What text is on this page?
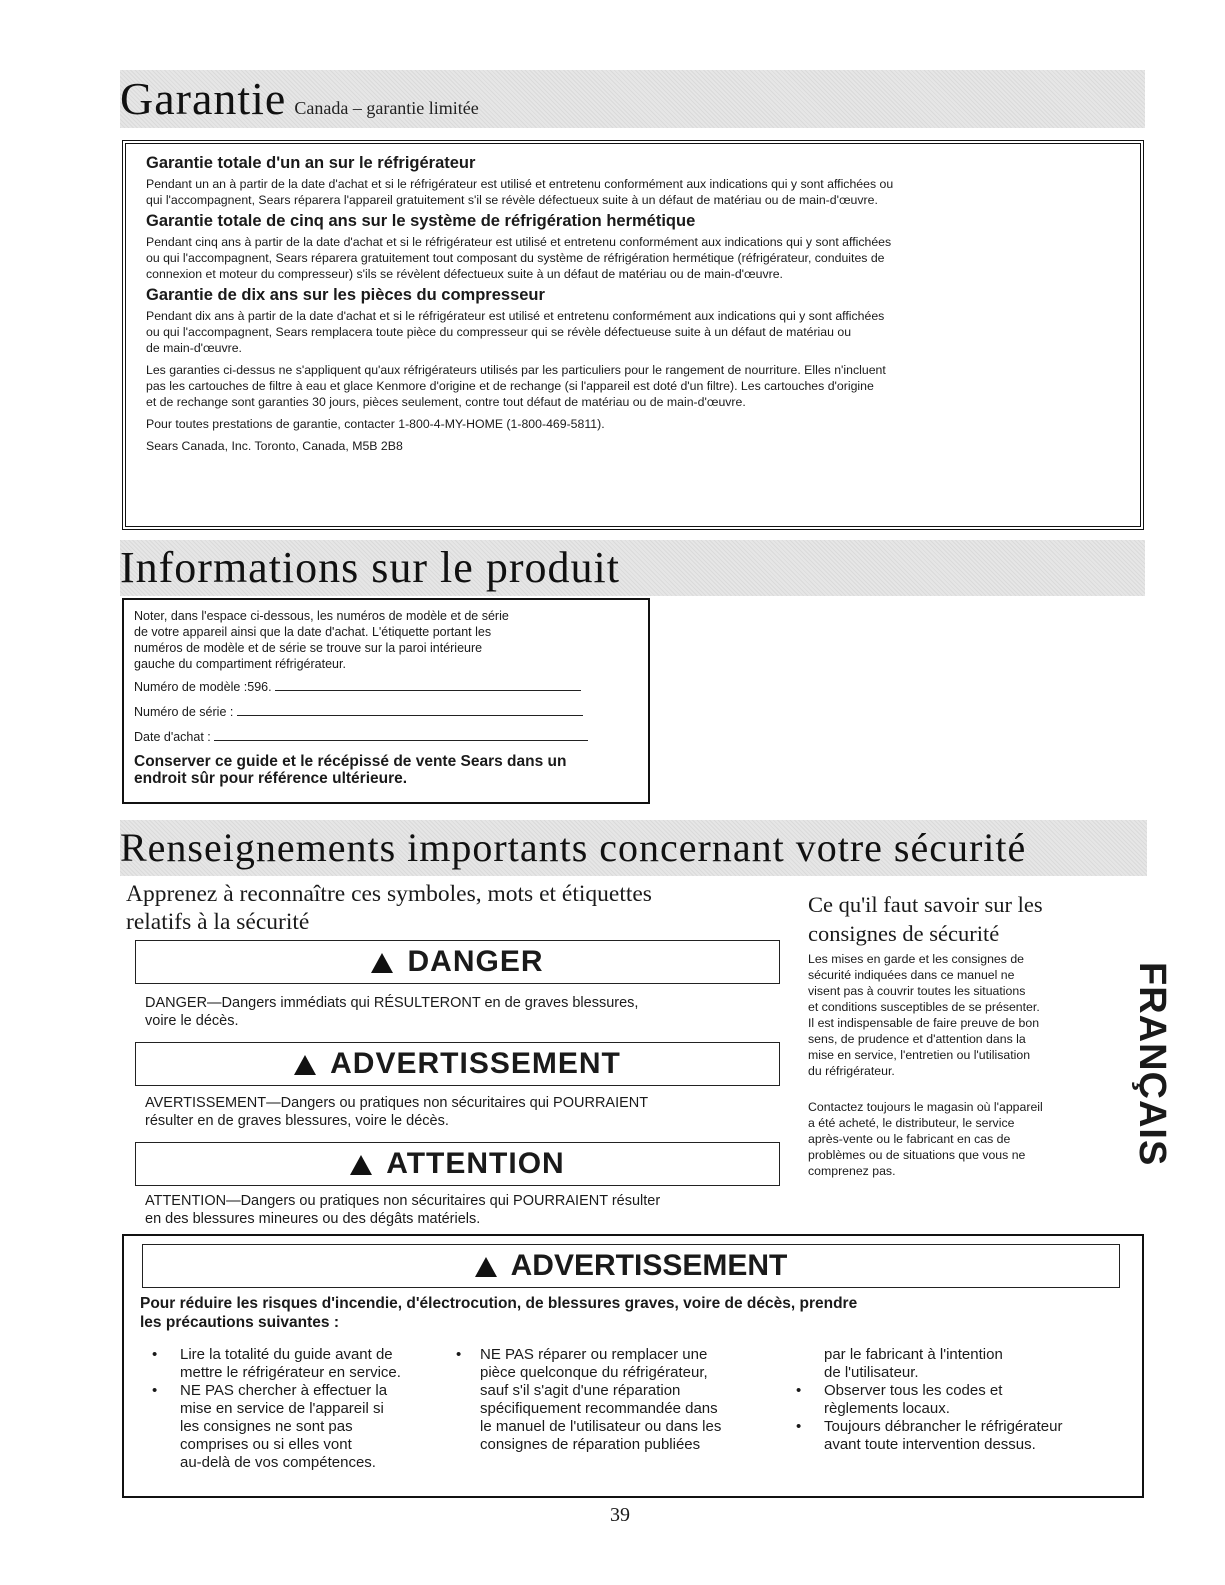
Garantie Canada – garantie limitée
Garantie totale d'un an sur le réfrigérateur
Pendant un an à partir de la date d'achat et si le réfrigérateur est utilisé et entretenu conformément aux indications qui y sont affichées ou
qui l'accompagnent, Sears réparera l'appareil gratuitement s'il se révèle défectueux suite à un défaut de matériau ou de main-d'œuvre.
Garantie totale de cinq ans sur le système de réfrigération hermétique
Pendant cinq ans à partir de la date d'achat et si le réfrigérateur est utilisé et entretenu conformément aux indications qui y sont affichées
ou qui l'accompagnent, Sears réparera gratuitement tout composant du système de réfrigération hermétique (réfrigérateur, conduites de
connexion et moteur du compresseur) s'ils se révèlent défectueux suite à un défaut de matériau ou de main-d'œuvre.
Garantie de dix ans sur les pièces du compresseur
Pendant dix ans à partir de la date d'achat et si le réfrigérateur est utilisé et entretenu conformément aux indications qui y sont affichées
ou qui l'accompagnent, Sears remplacera toute pièce du compresseur qui se révèle défectueuse suite à un défaut de matériau ou
de main-d'œuvre.
Les garanties ci-dessus ne s'appliquent qu'aux réfrigérateurs utilisés par les particuliers pour le rangement de nourriture. Elles n'incluent
pas les cartouches de filtre à eau et glace Kenmore d'origine et de rechange (si l'appareil est doté d'un filtre). Les cartouches d'origine
et de rechange sont garanties 30 jours, pièces seulement, contre tout défaut de matériau ou de main-d'œuvre.
Pour toutes prestations de garantie, contacter 1-800-4-MY-HOME (1-800-469-5811).
Sears Canada, Inc. Toronto, Canada, M5B 2B8
Informations sur le produit
Noter, dans l'espace ci-dessous, les numéros de modèle et de série
de votre appareil ainsi que la date d'achat. L'étiquette portant les
numéros de modèle et de série se trouve sur la paroi intérieure
gauche du compartiment réfrigérateur.
Numéro de modèle :596.
Numéro de série :
Date d'achat :
Conserver ce guide et le récépissé de vente Sears dans un
endroit sûr pour référence ultérieure.
Renseignements importants concernant votre sécurité
Apprenez à reconnaître ces symboles, mots et étiquettes
relatifs à la sécurité
! DANGER
DANGER—Dangers immédiats qui RÉSULTERONT en de graves blessures,
voire le décès.
! ADVERTISSEMENT
AVERTISSEMENT—Dangers ou pratiques non sécuritaires qui POURRAIENT
résulter en de graves blessures, voire le décès.
! ATTENTION
ATTENTION—Dangers ou pratiques non sécuritaires qui POURRAIENT résulter
en des blessures mineures ou des dégâts matériels.
Ce qu'il faut savoir sur les
consignes de sécurité
Les mises en garde et les consignes de
sécurité indiquées dans ce manuel ne
visent pas à couvrir toutes les situations
et conditions susceptibles de se présenter.
Il est indispensable de faire preuve de bon
sens, de prudence et d'attention dans la
mise en service, l'entretien ou l'utilisation
du réfrigérateur.
Contactez toujours le magasin où l'appareil
a été acheté, le distributeur, le service
après-vente ou le fabricant en cas de
problèmes ou de situations que vous ne
comprenez pas.
FRANÇAIS
! ADVERTISSEMENT
Pour réduire les risques d'incendie, d'électrocution, de blessures graves, voire de décès, prendre
les précautions suivantes :
• Lire la totalité du guide avant de
mettre le réfrigérateur en service.
• NE PAS chercher à effectuer la
mise en service de l'appareil si
les consignes ne sont pas
comprises ou si elles vont
au-delà de vos compétences.
• NE PAS réparer ou remplacer une
pièce quelconque du réfrigérateur,
sauf s'il s'agit d'une réparation
spécifiquement recommandée dans
le manuel de l'utilisateur ou dans les
consignes de réparation publiées
par le fabricant à l'intention
de l'utilisateur.
• Observer tous les codes et
règlements locaux.
• Toujours débrancher le réfrigérateur
avant toute intervention dessus.
39
